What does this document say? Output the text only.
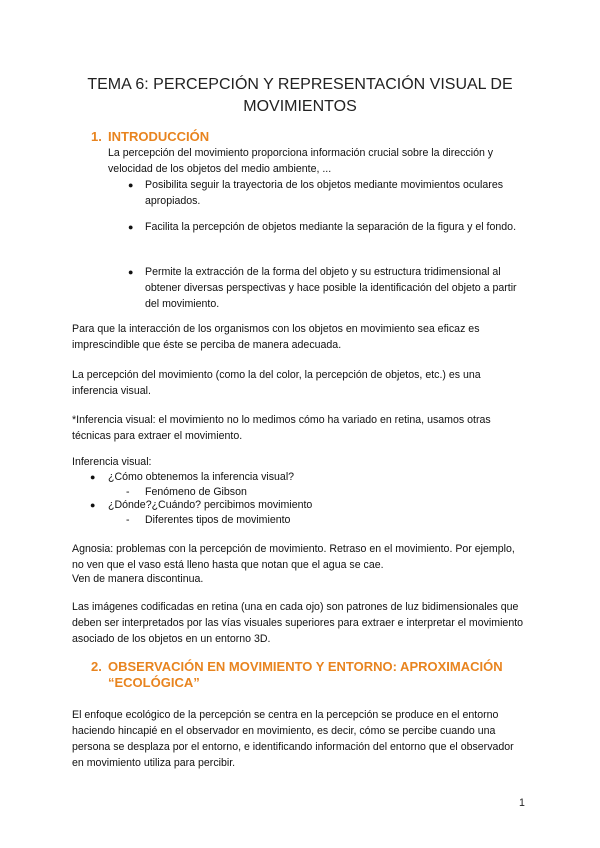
TEMA 6: PERCEPCIÓN Y REPRESENTACIÓN VISUAL DE MOVIMIENTOS
1. INTRODUCCIÓN

La percepción del movimiento proporciona información crucial sobre la dirección y velocidad de los objetos del medio ambiente, ...

● Posibilita seguir la trayectoria de los objetos mediante movimientos oculares apropiados.

● Facilita la percepción de objetos mediante la separación de la figura y el fondo.

● Permite la extracción de la forma del objeto y su estructura tridimensional al obtener diversas perspectivas y hace posible la identificación del objeto a partir del movimiento.

Para que la interacción de los organismos con los objetos en movimiento sea eficaz es imprescindible que éste se perciba de manera adecuada.

La percepción del movimiento (como la del color, la percepción de objetos, etc.) es una inferencia visual.

*Inferencia visual: el movimiento no lo medimos cómo ha variado en retina, usamos otras técnicas para extraer el movimiento.

Inferencia visual:

● ¿Cómo obtenemos la inferencia visual?

- Fenómeno de Gibson

● ¿Dónde?¿Cuándo? percibimos movimiento

- Diferentes tipos de movimiento

Agnosia: problemas con la percepción de movimiento. Retraso en el movimiento. Por ejemplo, no ven que el vaso está lleno hasta que notan que el agua se cae.

Ven de manera discontinua.

Las imágenes codificadas en retina (una en cada ojo) son patrones de luz bidimensionales que deben ser interpretados por las vías visuales superiores para extraer e interpretar el movimiento asociado de los objetos en un entorno 3D.

2. OBSERVACIÓN EN MOVIMIENTO Y ENTORNO: APROXIMACIÓN
“ECOLÓGICA”

El enfoque ecológico de la percepción se centra en la percepción se produce en el entorno haciendo hincapié en el observador en movimiento, es decir, cómo se percibe cuando una persona se desplaza por el entorno, e identificando información del entorno que el observador en movimiento utiliza para percibir.

1
